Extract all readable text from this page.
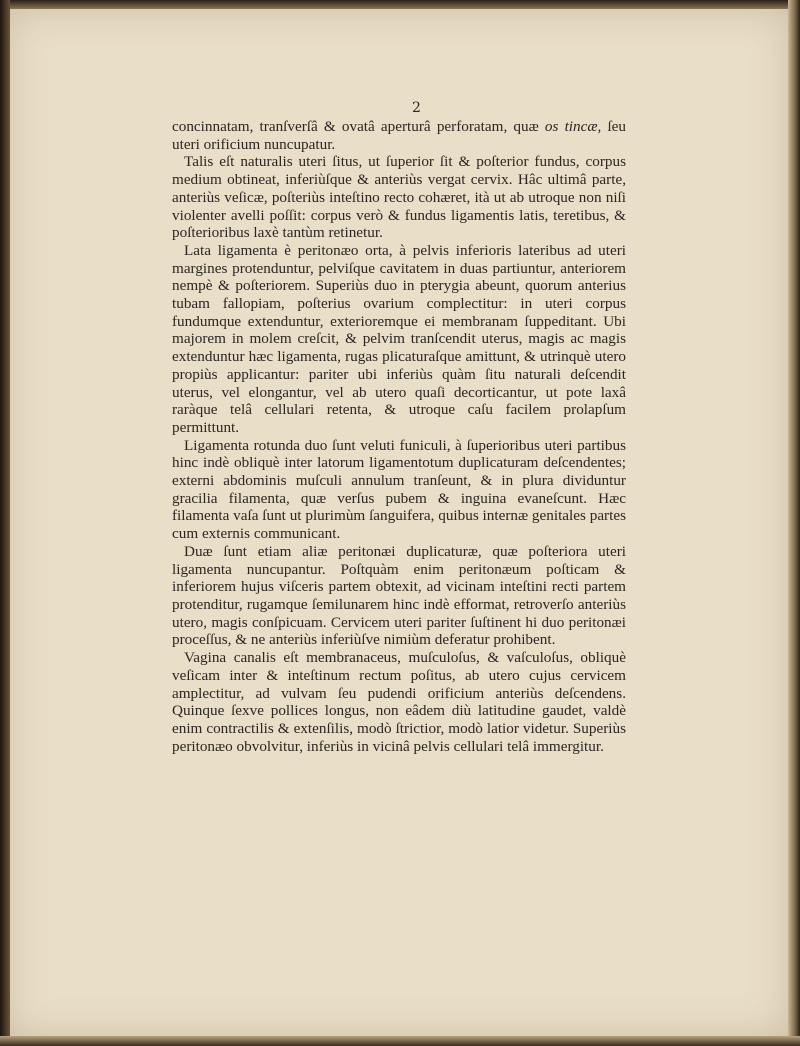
2

concinnatam, tranſverſâ & ovatâ aperturâ perforatam, quæ os tincæ, ſeu uteri orificium nuncupatur.

Talis eſt naturalis uteri ſitus, ut ſuperior ſit & poſterior fundus, corpus medium obtineat, inferiùſque & anteriùs vergat cervix. Hâc ultimâ parte, anteriùs veſicæ, poſteriùs inteſtino recto cohæret, ità ut ab utroque non niſi violenter avelli poſſit: corpus verò & fundus ligamentis latis, teretibus, & poſterioribus laxè tantùm retinetur.

Lata ligamenta è peritonæo orta, à pelvis inferioris lateribus ad uteri margines protenduntur, pelviſque cavitatem in duas partiuntur, anteriorem nempè & poſteriorem. Superiùs duo in pterygia abeunt, quorum anterius tubam fallopiam, poſterius ovarium complectitur: in uteri corpus fundumque extenduntur, exterioremque ei membranam ſuppeditant. Ubi majorem in molem creſcit, & pelvim tranſcendit uterus, magis ac magis extenduntur hæc ligamenta, rugas plicaturaſque amittunt, & utrinquè utero propiùs applicantur: pariter ubi inferiùs quàm ſitu naturali deſcendit uterus, vel elongantur, vel ab utero quaſi decorticantur, ut pote laxâ raràque telâ cellulari retenta, & utroque caſu facilem prolapſum permittunt.

Ligamenta rotunda duo ſunt veluti funiculi, à ſuperioribus uteri partibus hinc indè obliquè inter latorum ligamentotum duplicaturam deſcendentes; externi abdominis muſculi annulum tranſeunt, & in plura dividuntur gracilia filamenta, quæ verſus pubem & inguina evaneſcunt. Hæc filamenta vaſa ſunt ut plurimùm ſanguifera, quibus internæ genitales partes cum externis communicant.

Duæ ſunt etiam aliæ peritonæi duplicaturæ, quæ poſteriora uteri ligamenta nuncupantur. Poſtquàm enim peritonæum poſticam & inferiorem hujus viſceris partem obtexit, ad vicinam inteſtini recti partem protenditur, rugamque ſemilunarem hinc indè efformat, retroverſo anteriùs utero, magis conſpicuam. Cervicem uteri pariter ſuſtinent hi duo peritonæi proceſſus, & ne anteriùs inferiùſve nimiùm deferatur prohibent.

Vagina canalis eſt membranaceus, muſculoſus, & vaſculoſus, obliquè veſicam inter & inteſtinum rectum poſitus, ab utero cujus cervicem amplectitur, ad vulvam ſeu pudendi orificium anteriùs deſcendens. Quinque ſexve pollices longus, non eâdem diù latitudine gaudet, valdè enim contractilis & extenſilis, modò ſtrictior, modò latior videtur. Superiùs peritonæo obvolvitur, inferiùs in vicinâ pelvis cellulari telâ immergitur.
